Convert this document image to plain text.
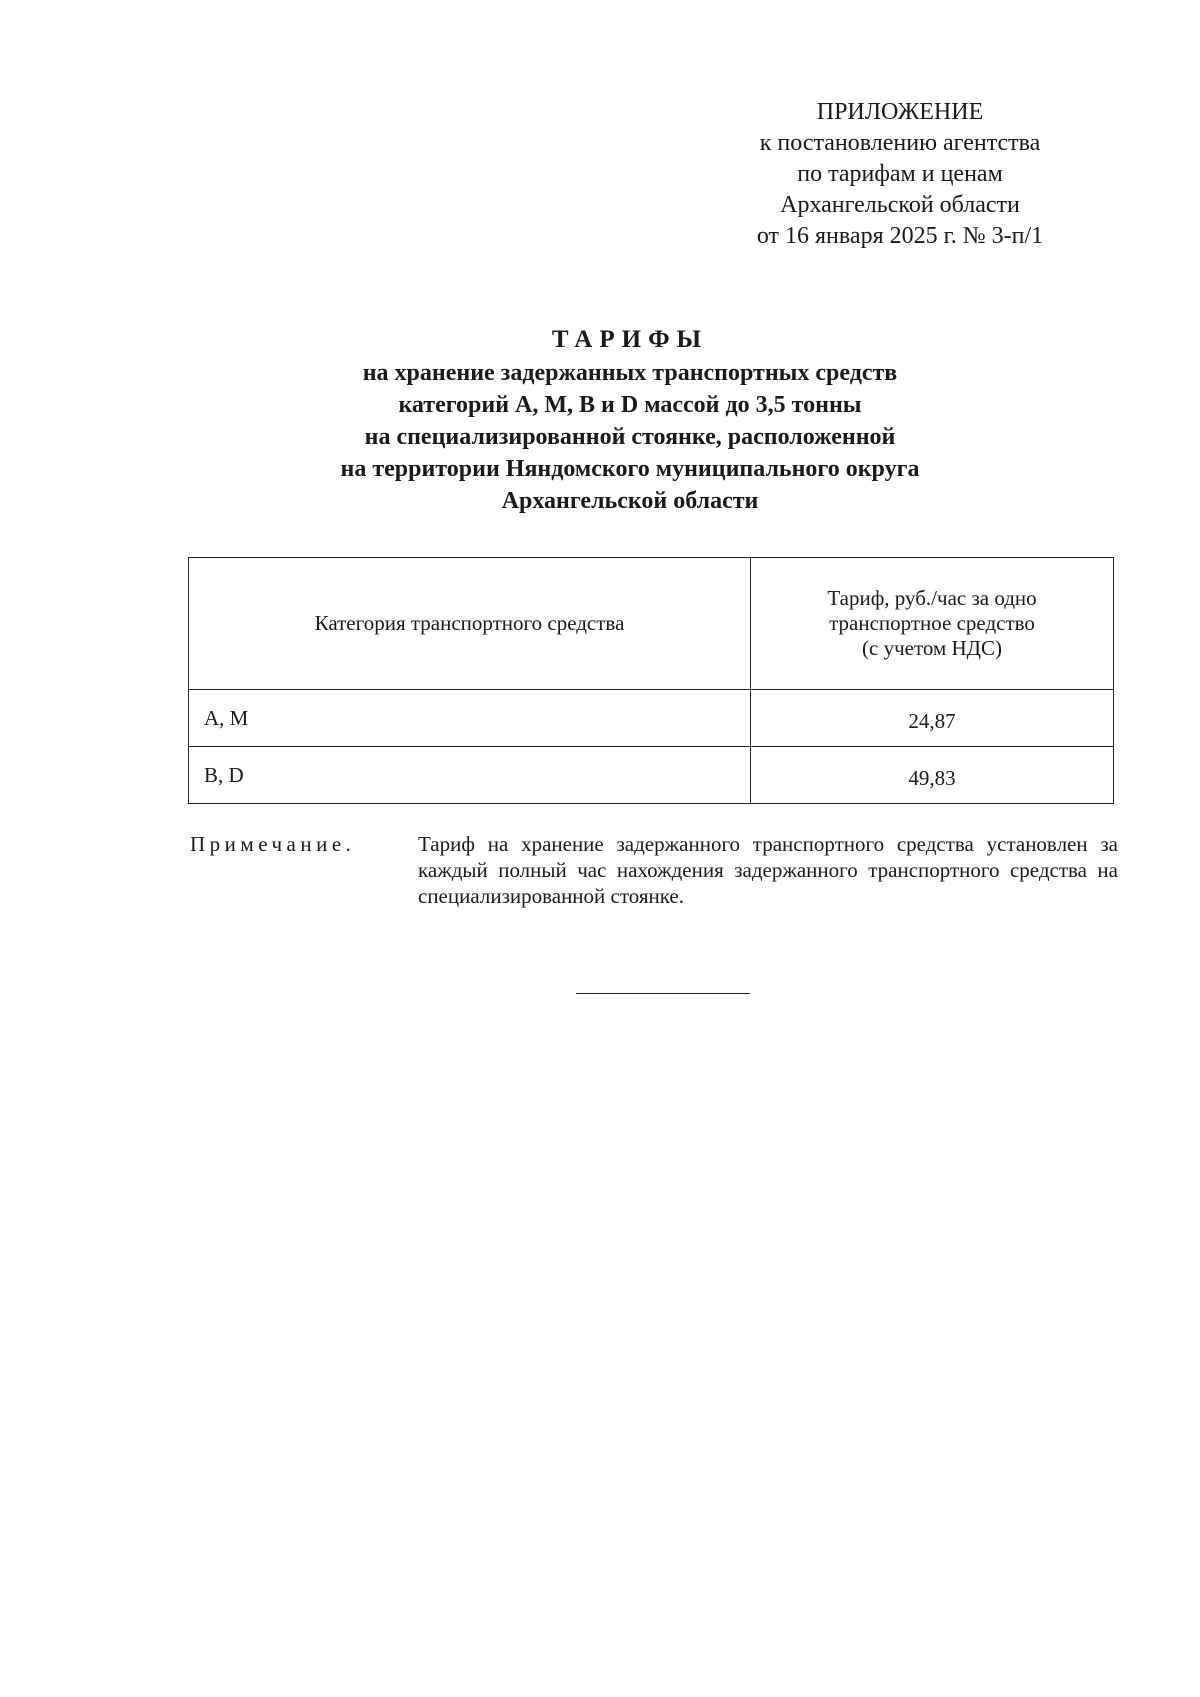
ПРИЛОЖЕНИЕ
к постановлению агентства
по тарифам и ценам
Архангельской области
от 16 января 2025 г. № 3-п/1
ТАРИФЫ
на хранение задержанных транспортных средств
категорий А, М, В и D массой до 3,5 тонны
на специализированной стоянке, расположенной
на территории Няндомского муниципального округа
Архангельской области
Категория транспортного средства	Тариф, руб./час за одно
транспортное средство
(с учетом НДС)

A, M	24,87
B, D	49,83
Примечание.	Тариф на хранение задержанного транспортного средства установлен за каждый полный час нахождения задержанного транспортного средства на специализированной стоянке.
